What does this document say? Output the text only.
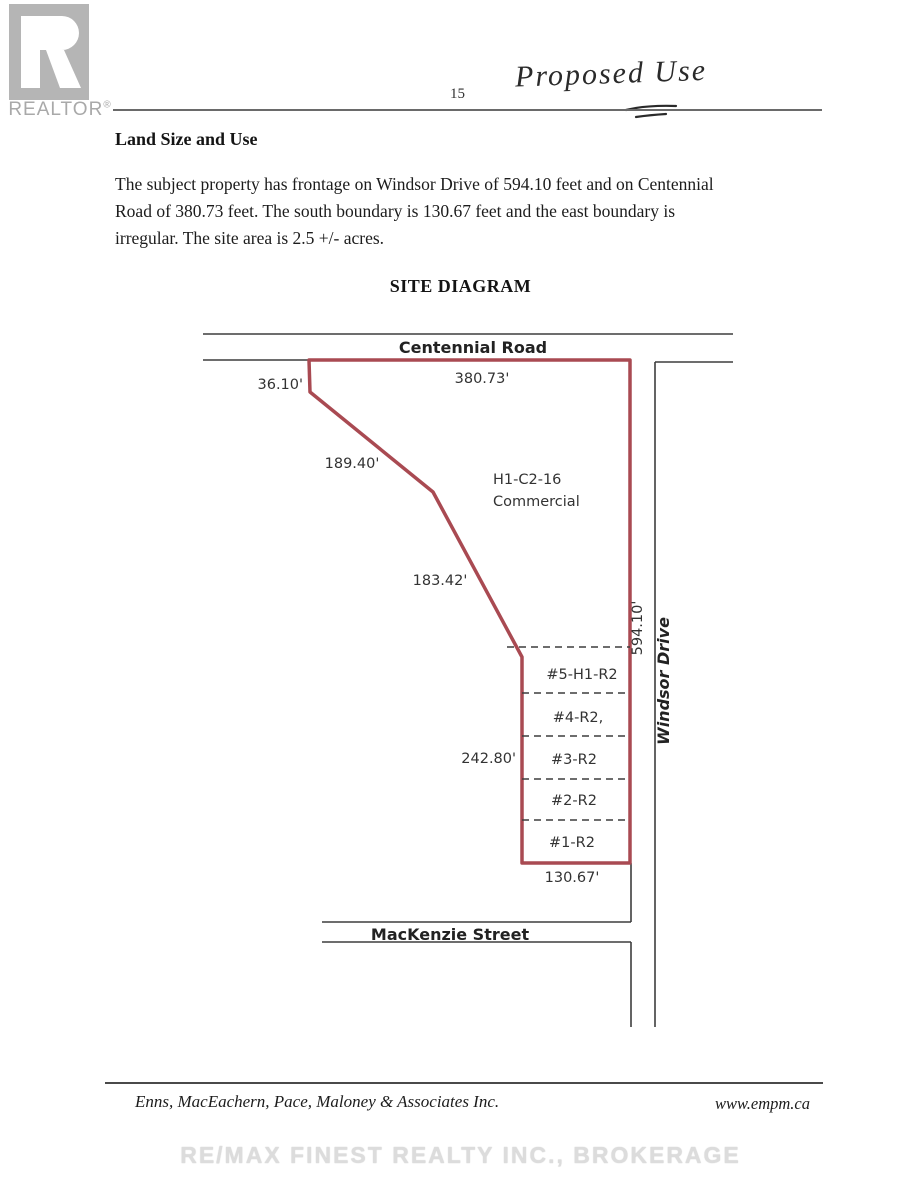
REALTOR®
15
Proposed Use
Land Size and Use
The subject property has frontage on Windsor Drive of 594.10 feet and on Centennial
Road of 380.73 feet. The south boundary is 130.67 feet and the east boundary is
irregular. The site area is 2.5 +/- acres.
SITE DIAGRAM
Centennial Road
Windsor Drive
MacKenzie Street
380.73'
36.10'
189.40'
183.42'
242.80'
130.67'
594.10'
H1-C2-16
Commercial
#5-H1-R2
#4-R2,
#3-R2
#2-R2
#1-R2
Enns, MacEachern, Pace, Maloney & Associates Inc.	www.empm.ca
RE/MAX FINEST REALTY INC., BROKERAGE
